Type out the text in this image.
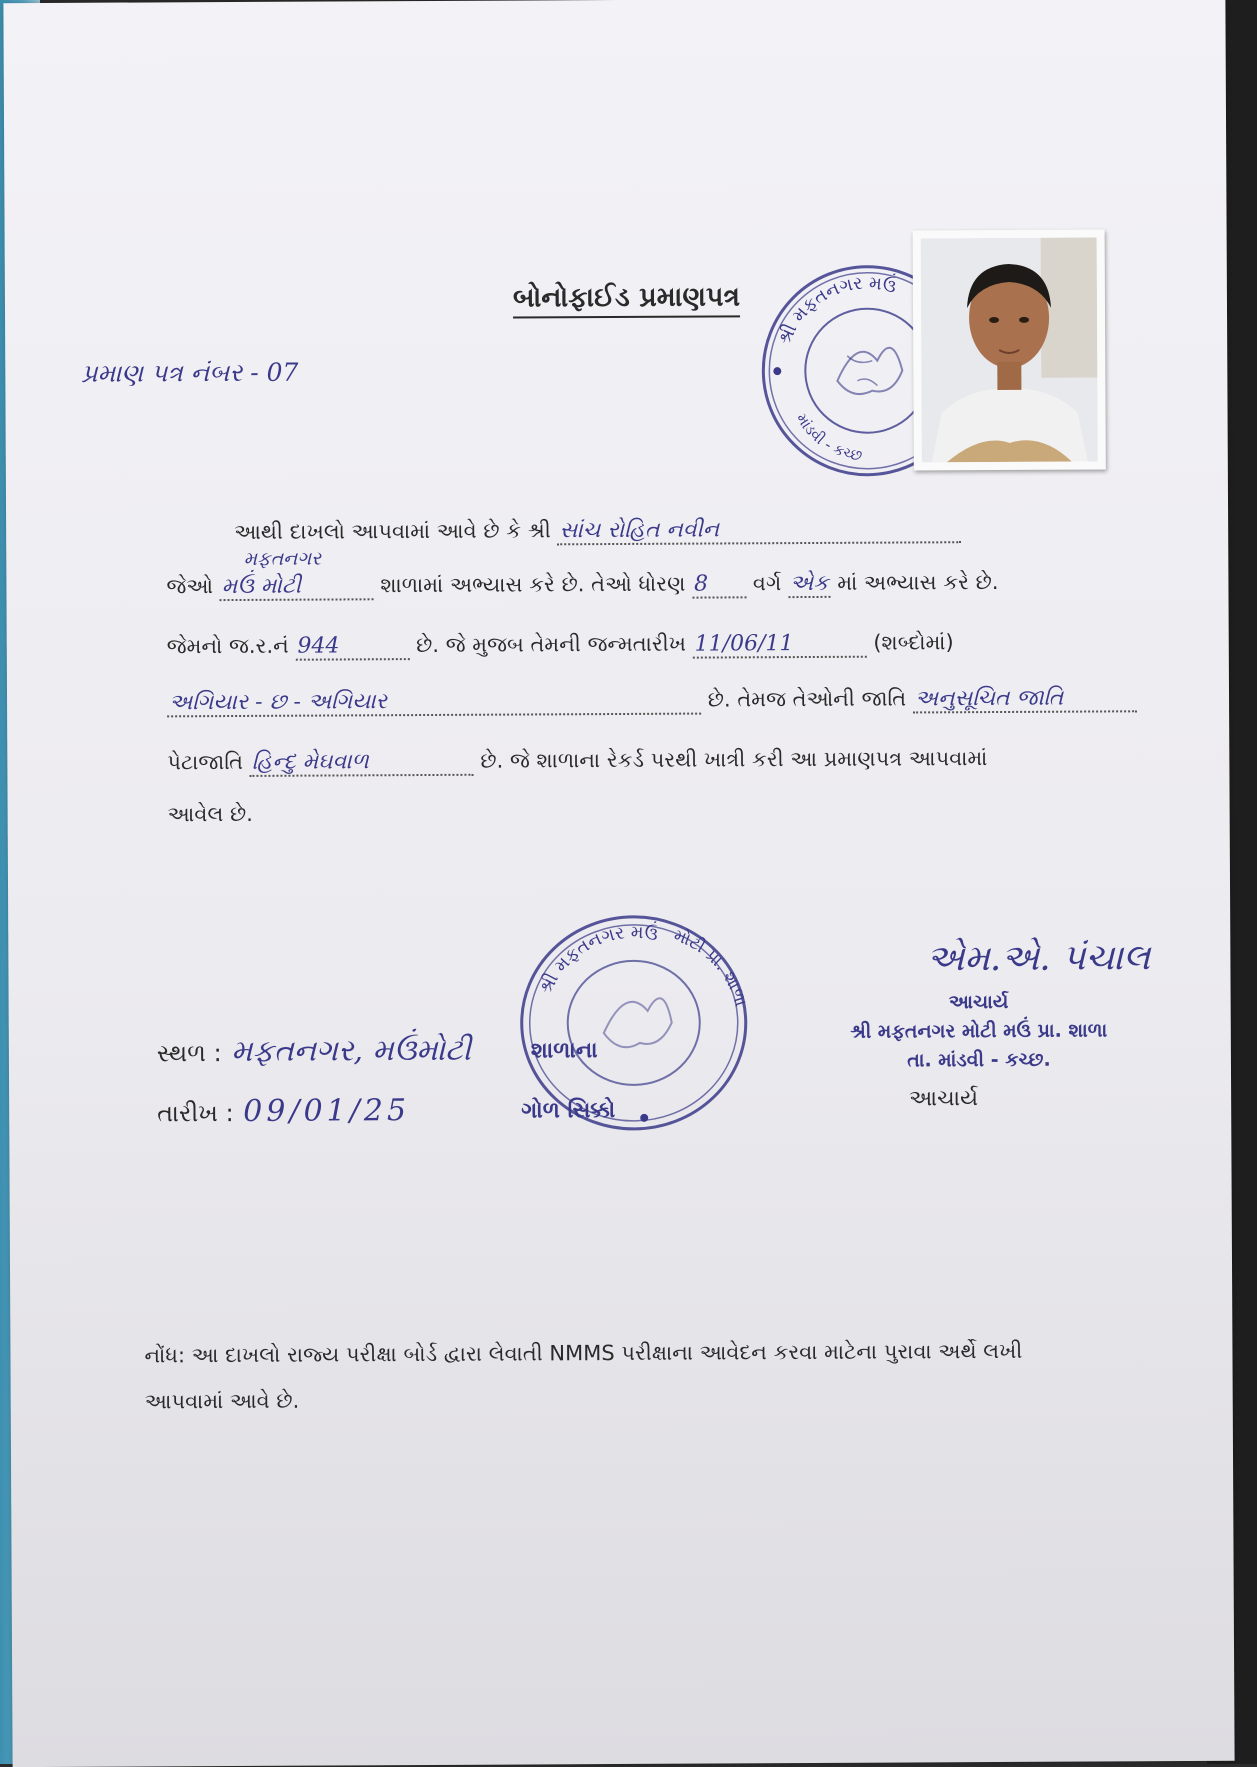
બોનોફાઈડ પ્રમાણપત્ર
પ્રમાણ પત્ર નંબર - 07
શ્રી મફતનગર મઉં
માંડવી - કચ્છ
આથી દાખલો આપવામાં આવે છે કે શ્રી સાંચ રોહિત નવીન
જેઓ
મફતનગર
મઉં મોટી	શાળામાં અભ્યાસ કરે છે. તેઓ ધોરણ 8 વર્ગ એક માં અભ્યાસ કરે છે.
જેમનો જ.ર.નં 944	છે. જે મુજબ તેમની જન્મતારીખ 11/06/11	(શબ્દોમાં)
અગિયાર - છ - અગિયાર	છે. તેમજ તેઓની જાતિ અનુસૂચિત જાતિ
પેટાજાતિ હિન્દુ મેઘવાળ	છે. જે શાળાના રેકર્ડ પરથી ખાત્રી કરી આ પ્રમાણપત્ર આપવામાં
આવેલ છે.
શ્રી મફતનગર મઉં મોટી પ્રા. શાળા
સ્થળ : મફતનગર, મઉંમોટી
તારીખ : 09/01/25
શાળાના
ગોળ સિક્કો
એમ.એ. પંચાલ
આચાર્ય
શ્રી મફતનગર મોટી મઉં પ્રા. શાળા
તા. માંડવી - કચ્છ.
આચાર્ય
નોંધ: આ દાખલો રાજ્ય પરીક્ષા બોર્ડ દ્વારા લેવાતી NMMS પરીક્ષાના આવેદન કરવા માટેના પુરાવા અર્થે લખી
આપવામાં આવે છે.
